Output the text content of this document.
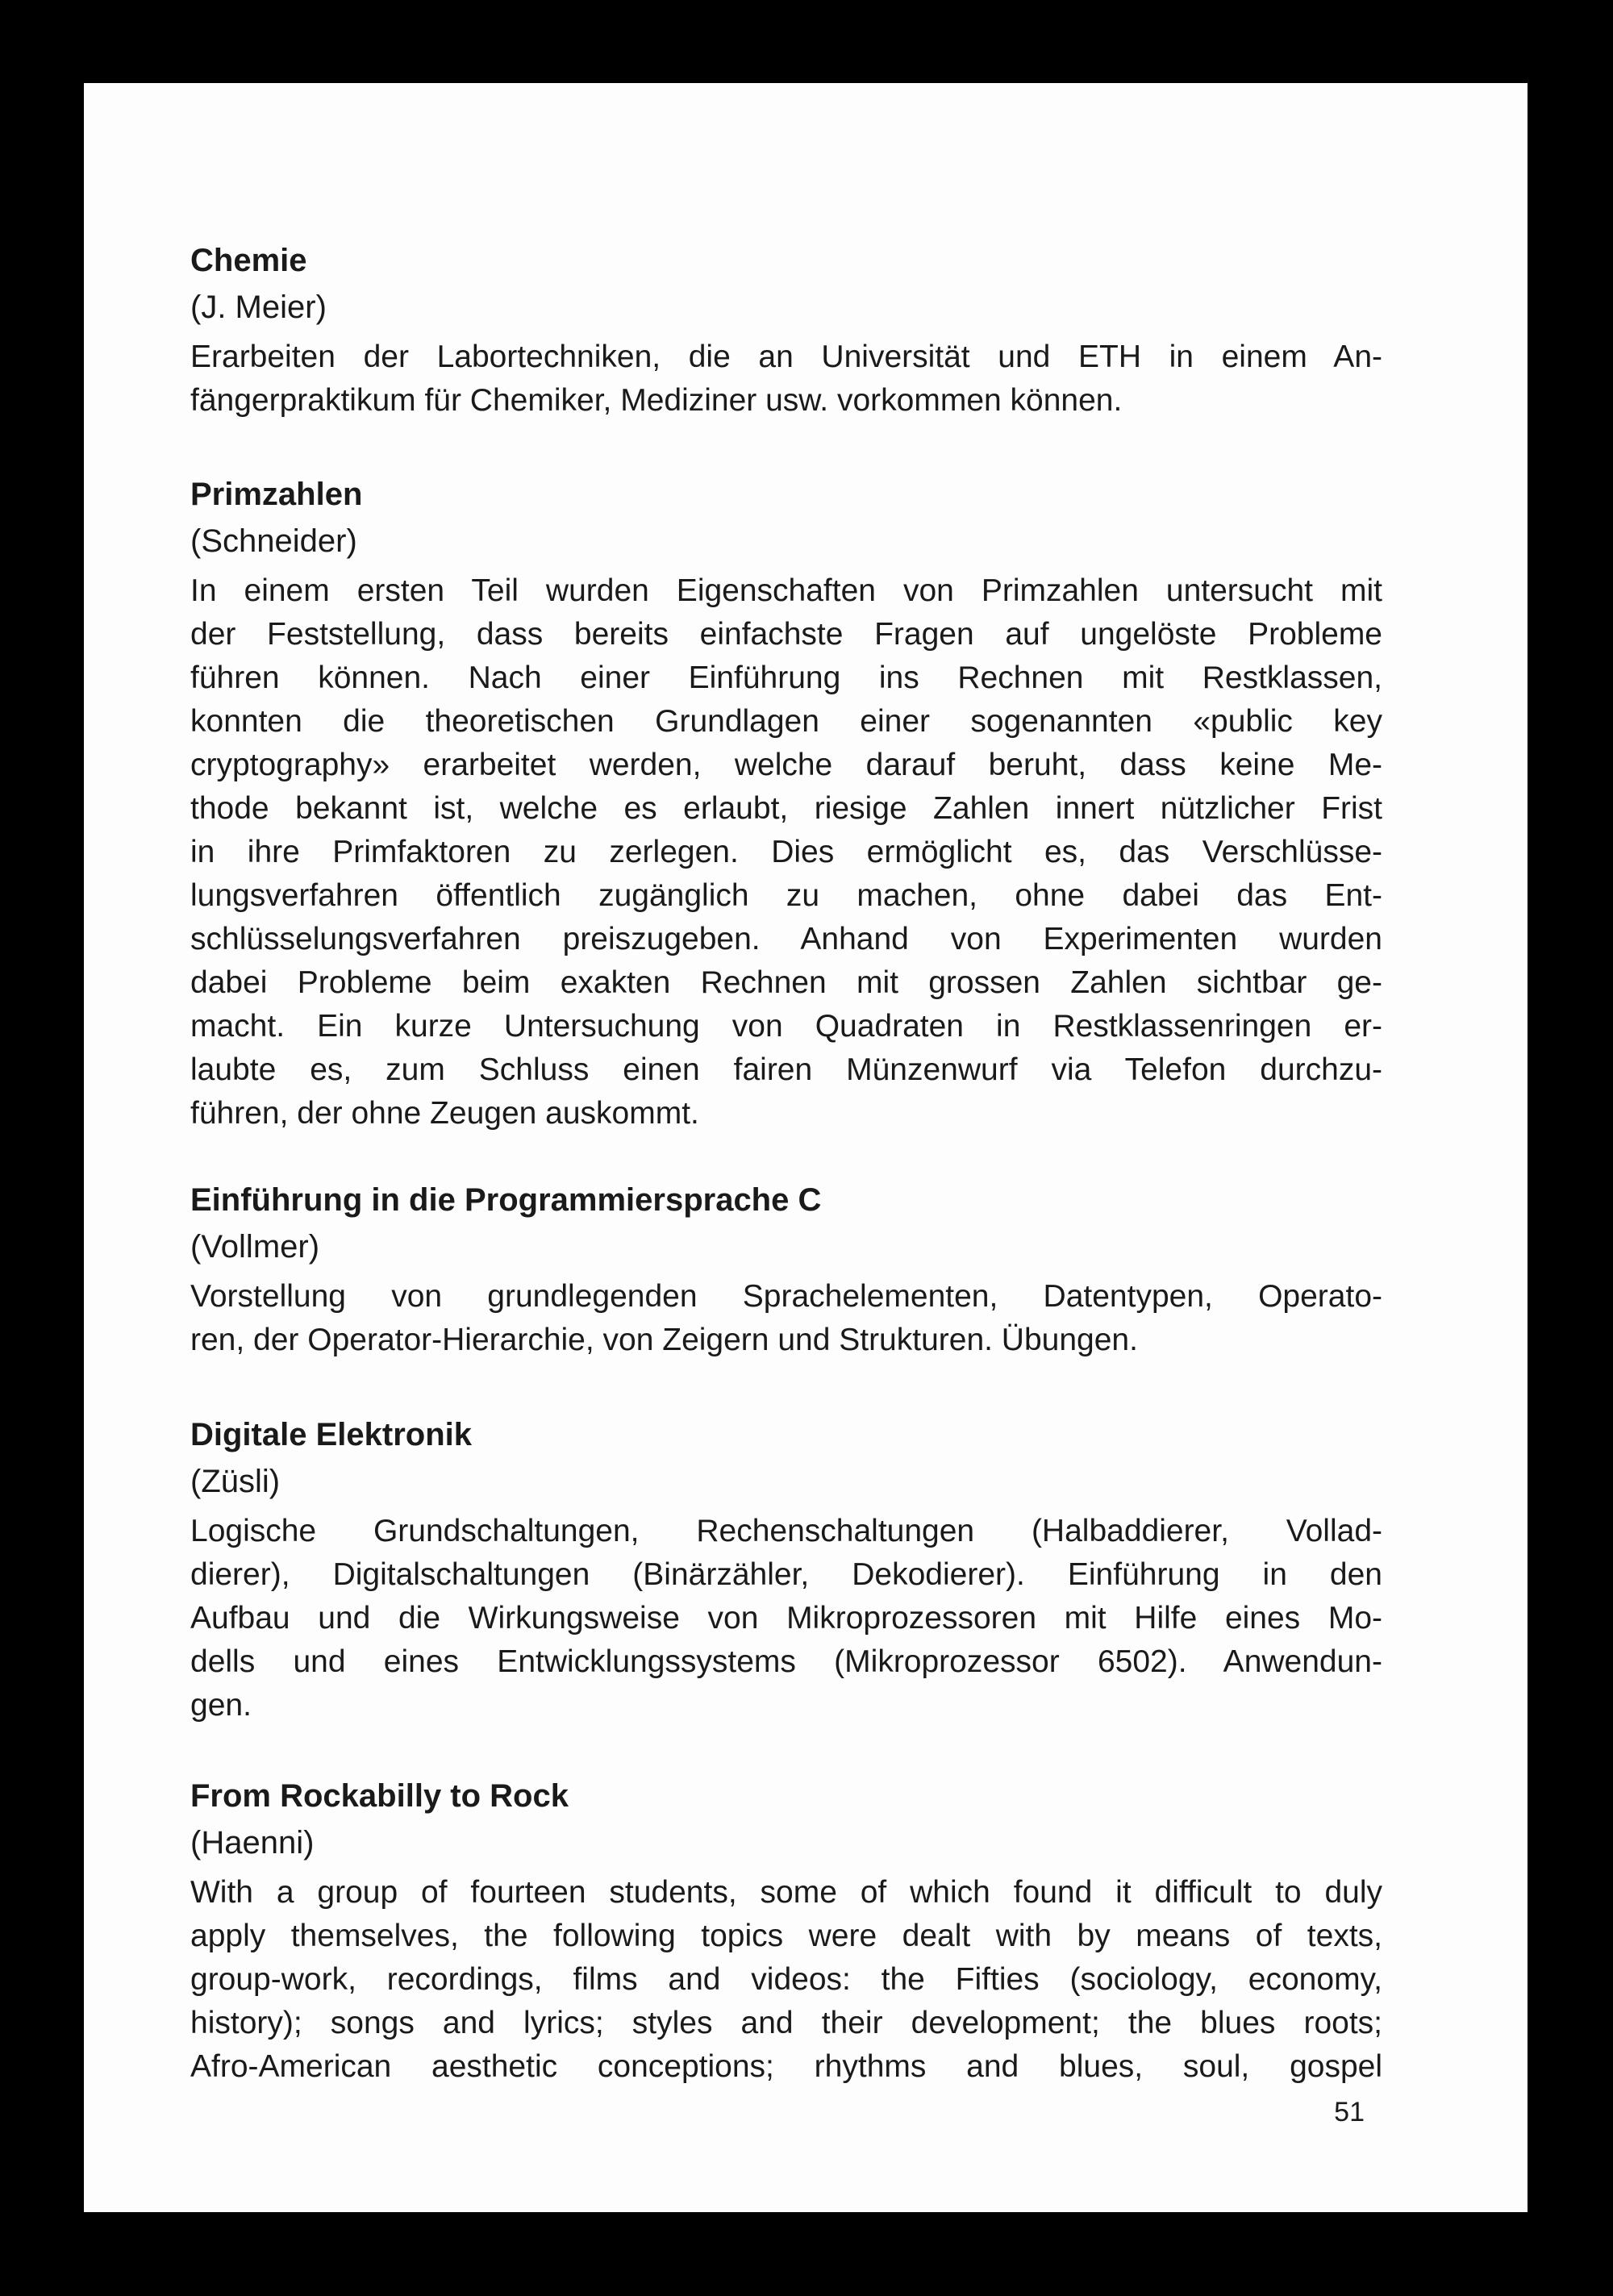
Chemie
(J. Meier)
Erarbeiten der Labortechniken, die an Universität und ETH in einem An-
fängerpraktikum für Chemiker, Mediziner usw. vorkommen können.
Primzahlen
(Schneider)
In einem ersten Teil wurden Eigenschaften von Primzahlen untersucht mit
der Feststellung, dass bereits einfachste Fragen auf ungelöste Probleme
führen können. Nach einer Einführung ins Rechnen mit Restklassen,
konnten die theoretischen Grundlagen einer sogenannten «public key
cryptography» erarbeitet werden, welche darauf beruht, dass keine Me-
thode bekannt ist, welche es erlaubt, riesige Zahlen innert nützlicher Frist
in ihre Primfaktoren zu zerlegen. Dies ermöglicht es, das Verschlüsse-
lungsverfahren öffentlich zugänglich zu machen, ohne dabei das Ent-
schlüsselungsverfahren preiszugeben. Anhand von Experimenten wurden
dabei Probleme beim exakten Rechnen mit grossen Zahlen sichtbar ge-
macht. Ein kurze Untersuchung von Quadraten in Restklassenringen er-
laubte es, zum Schluss einen fairen Münzenwurf via Telefon durchzu-
führen, der ohne Zeugen auskommt.
Einführung in die Programmiersprache C
(Vollmer)
Vorstellung von grundlegenden Sprachelementen, Datentypen, Operato-
ren, der Operator-Hierarchie, von Zeigern und Strukturen. Übungen.
Digitale Elektronik
(Züsli)
Logische Grundschaltungen, Rechenschaltungen (Halbaddierer, Vollad-
dierer), Digitalschaltungen (Binärzähler, Dekodierer). Einführung in den
Aufbau und die Wirkungsweise von Mikroprozessoren mit Hilfe eines Mo-
dells und eines Entwicklungssystems (Mikroprozessor 6502). Anwendun-
gen.
From Rockabilly to Rock
(Haenni)
With a group of fourteen students, some of which found it difficult to duly
apply themselves, the following topics were dealt with by means of texts,
group-work, recordings, films and videos: the Fifties (sociology, economy,
history); songs and lyrics; styles and their development; the blues roots;
Afro-American aesthetic conceptions; rhythms and blues, soul, gospel
51
